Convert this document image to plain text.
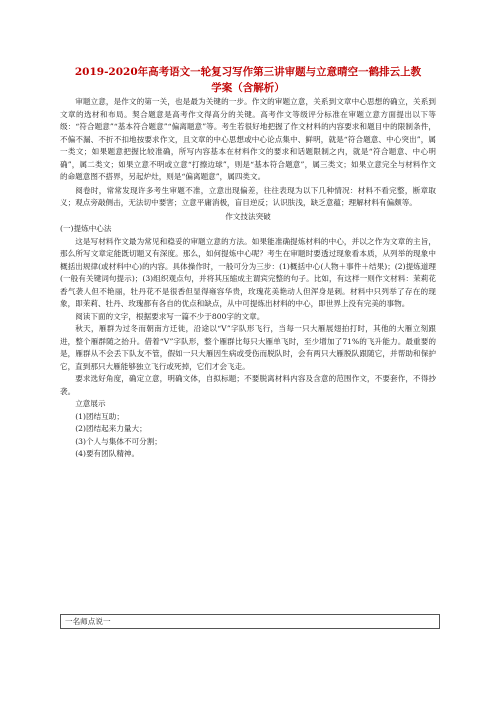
2019-2020年高考语文一轮复习写作第三讲审题与立意晴空一鹤排云上教
学案（含解析）

审题立意，是作文的第一关，也是最为关键的一步。作文的审题立意，关系到文章中心思想的确立，关系到文章的选材和布局。契合题意是高考作文得高分的关键。高考作文等级评分标准在审题立意方面提出以下等级：“符合题意”“基本符合题意”“偏离题意”等。考生若很好地把握了作文材料的内容要求和题目中的限制条件，不偏不漏、不折不扣地按要求作文，且文章的中心思想或中心论点集中、鲜明，就是“符合题意、中心突出”，属一类文；如果题意把握比较准确，所写内容基本在材料作文的要求和话题限制之内，就是“符合题意、中心明确”，属二类文；如果立意不明或立意“打擦边球”，则是“基本符合题意”，属三类文；如果立意完全与材料作文的命题意图不搭界，另起炉灶，则是“偏离题意”，属四类文。

阅卷时，常常发现许多考生审题不准，立意出现偏差，往往表现为以下几种情况：材料不看完整，断章取义；观点旁敲侧击，无法切中要害；立意平庸消极，盲目逆反；认识肤浅，缺乏意蕴；理解材料有偏颇等。

作文技法突破

(一)提炼中心法

这是写材料作文最为常见和稳妥的审题立意的方法。如果能准确提炼材料的中心，并以之作为文章的主旨，那么所写文章定能既切题又有深度。那么，如何提炼中心呢？考生在审题时要透过现象看本质，从列举的现象中概括出规律(或材料中心)的内容。具体操作时，一般可分为三步：(1)概括中心(人物＋事件＋结果)；(2)提炼道理(一般有关键词句提示)；(3)组织观点句，并将其压缩成主谓宾完整的句子。比如，有这样一则作文材料：茉莉花香气袭人但不艳丽，牡丹花不是很香但显得雍容华贵，玫瑰花美艳动人但浑身是刺。材料中只列举了存在的现象，即茉莉、牡丹、玫瑰都有各自的优点和缺点，从中可提炼出材料的中心，即世界上没有完美的事物。

阅读下面的文字，根据要求写一篇不少于800字的文章。

秋天，雁群为过冬而朝南方迁徙，沿途以“V”字队形飞行，当每一只大雁展翅拍打时，其他的大雁立刻跟进，整个雁群随之抬升。借着“V”字队形，整个雁群比每只大雁单飞时，至少增加了71%的飞升能力。最重要的是，雁群从不会丢下队友不管，假如一只大雁因生病或受伤而脱队时，会有两只大雁脱队跟随它，并帮助和保护它，直到那只大雁能够独立飞行或死掉，它们才会飞走。

要求选好角度，确定立意，明确文体，自拟标题；不要脱离材料内容及含意的范围作文，不要套作，不得抄袭。

立意展示

(1)团结互助；

(2)团结起来力量大；

(3)个人与集体不可分割；

(4)要有团队精神。

一名师点说一
